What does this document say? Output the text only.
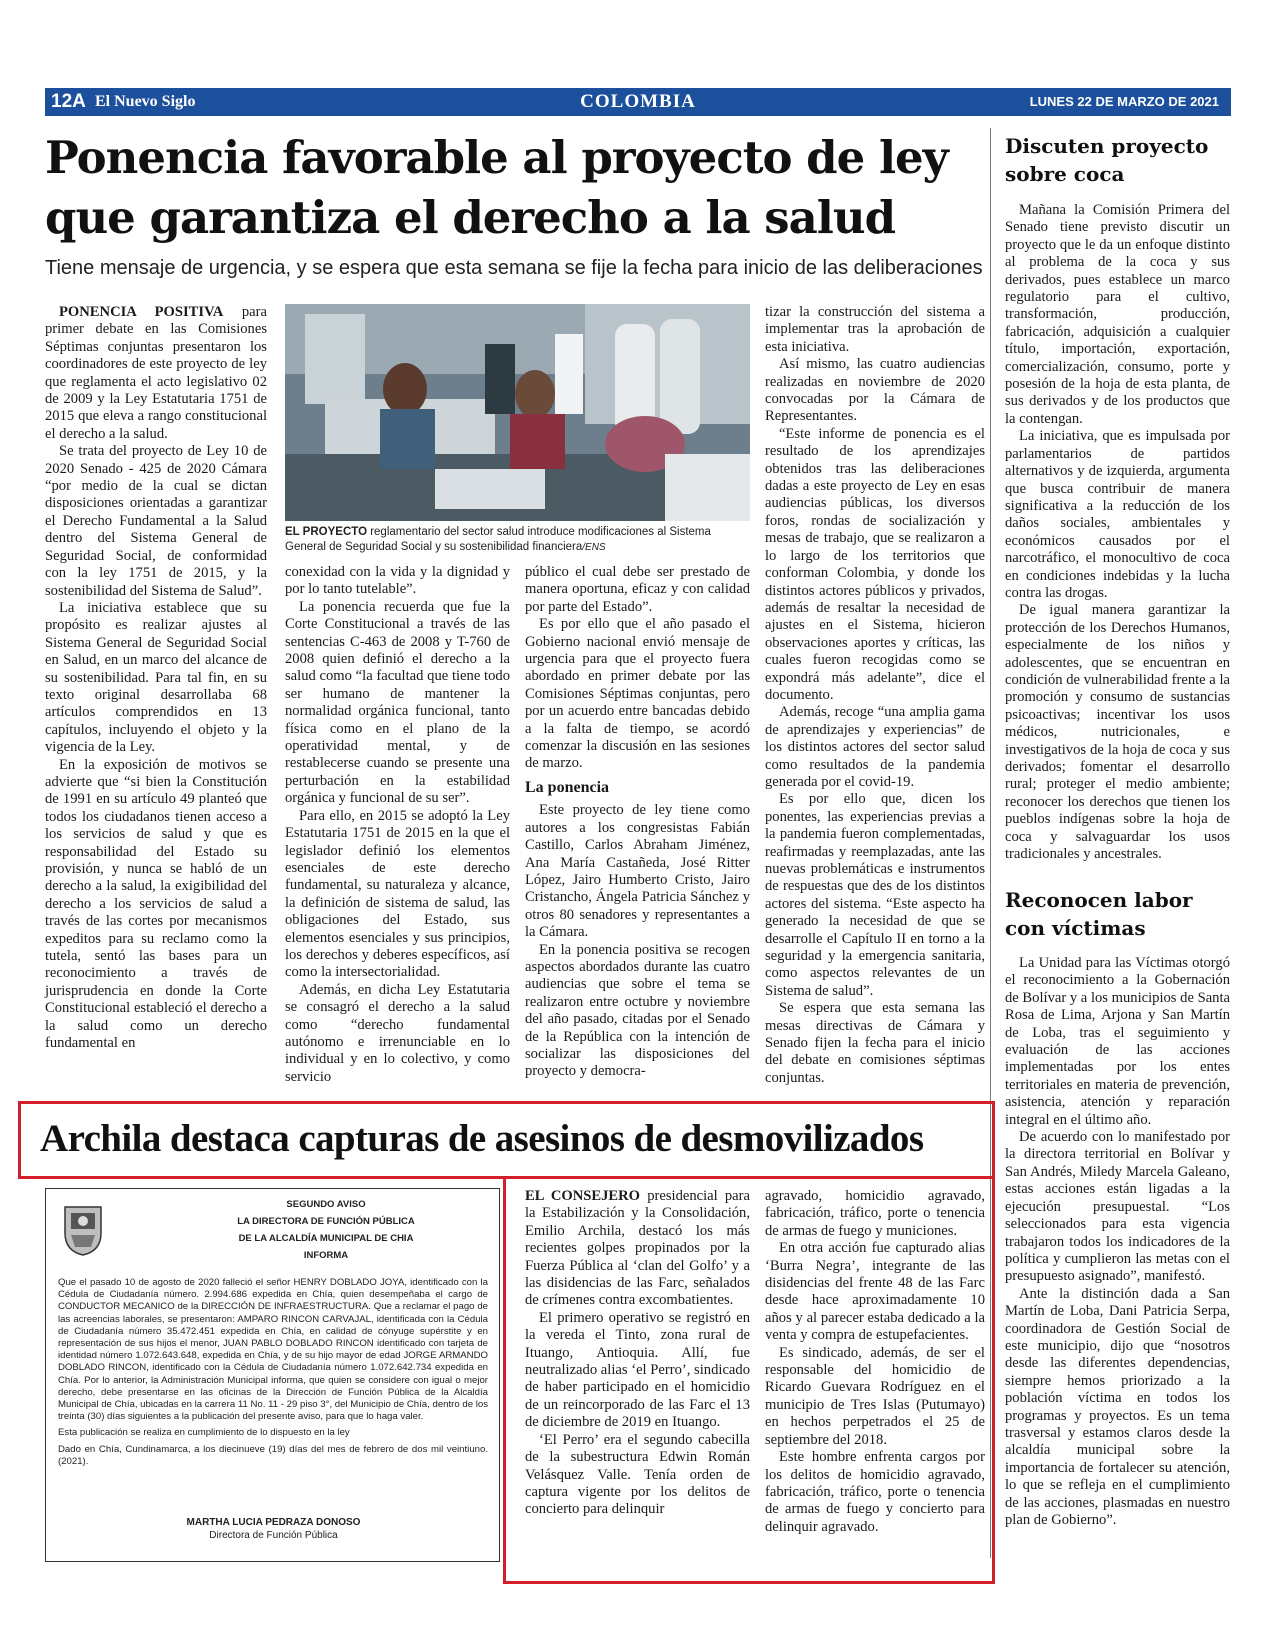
12A El Nuevo Siglo	COLOMBIA	LUNES 22 DE MARZO DE 2021
Ponencia favorable al proyecto de ley
que garantiza el derecho a la salud
Tiene mensaje de urgencia, y se espera que esta semana se fije la fecha para inicio de las deliberaciones

PONENCIA POSITIVA para primer debate en las Comisiones Séptimas conjuntas presentaron los coordinadores de este proyecto de ley que reglamenta el acto legislativo 02 de 2009 y la Ley Estatutaria 1751 de 2015 que eleva a rango constitucional el derecho a la salud.

Se trata del proyecto de Ley 10 de 2020 Senado - 425 de 2020 Cámara “por medio de la cual se dictan disposiciones orientadas a garantizar el Derecho Fundamental a la Salud dentro del Sistema General de Seguridad Social, de conformidad con la ley 1751 de 2015, y la sostenibilidad del Sistema de Salud”.

La iniciativa establece que su propósito es realizar ajustes al Sistema General de Seguridad Social en Salud, en un marco del alcance de su sostenibilidad. Para tal fin, en su texto original desarrollaba 68 artículos comprendidos en 13 capítulos, incluyendo el objeto y la vigencia de la Ley.

En la exposición de motivos se advierte que “si bien la Constitución de 1991 en su artículo 49 planteó que todos los ciudadanos tienen acceso a los servicios de salud y que es responsabilidad del Estado su provisión, y nunca se habló de un derecho a la salud, la exigibilidad del derecho a los servicios de salud a través de las cortes por mecanismos expeditos para su reclamo como la tutela, sentó las bases para un reconocimiento a través de jurisprudencia en donde la Corte Constitucional estableció el derecho a la salud como un derecho fundamental en

EL PROYECTO reglamentario del sector salud introduce modificaciones al Sistema General de Seguridad Social y su sostenibilidad financiera/ENS

conexidad con la vida y la dignidad y por lo tanto tutelable”.

La ponencia recuerda que fue la Corte Constitucional a través de las sentencias C-463 de 2008 y T-760 de 2008 quien definió el derecho a la salud como “la facultad que tiene todo ser humano de mantener la normalidad orgánica funcional, tanto física como en el plano de la operatividad mental, y de restablecerse cuando se presente una perturbación en la estabilidad orgánica y funcional de su ser”.

Para ello, en 2015 se adoptó la Ley Estatutaria 1751 de 2015 en la que el legislador definió los elementos esenciales de este derecho fundamental, su naturaleza y alcance, la definición de sistema de salud, las obligaciones del Estado, sus elementos esenciales y sus principios, los derechos y deberes específicos, así como la intersectorialidad.

Además, en dicha Ley Estatutaria se consagró el derecho a la salud como “derecho fundamental autónomo e irrenunciable en lo individual y en lo colectivo, y como servicio

público el cual debe ser prestado de manera oportuna, eficaz y con calidad por parte del Estado”.

Es por ello que el año pasado el Gobierno nacional envió mensaje de urgencia para que el proyecto fuera abordado en primer debate por las Comisiones Séptimas conjuntas, pero por un acuerdo entre bancadas debido a la falta de tiempo, se acordó comenzar la discusión en las sesiones de marzo.

La ponencia

Este proyecto de ley tiene como autores a los congresistas Fabián Castillo, Carlos Abraham Jiménez, Ana María Castañeda, José Ritter López, Jairo Humberto Cristo, Jairo Cristancho, Ángela Patricia Sánchez y otros 80 senadores y representantes a la Cámara.

En la ponencia positiva se recogen aspectos abordados durante las cuatro audiencias que sobre el tema se realizaron entre octubre y noviembre del año pasado, citadas por el Senado de la República con la intención de socializar las disposiciones del proyecto y democra-

tizar la construcción del sistema a implementar tras la aprobación de esta iniciativa.

Así mismo, las cuatro audiencias realizadas en noviembre de 2020 convocadas por la Cámara de Representantes.

“Este informe de ponencia es el resultado de los aprendizajes obtenidos tras las deliberaciones dadas a este proyecto de Ley en esas audiencias públicas, los diversos foros, rondas de socialización y mesas de trabajo, que se realizaron a lo largo de los territorios que conforman Colombia, y donde los distintos actores públicos y privados, además de resaltar la necesidad de ajustes en el Sistema, hicieron observaciones aportes y críticas, las cuales fueron recogidas como se expondrá más adelante”, dice el documento.

Además, recoge “una amplia gama de aprendizajes y experiencias” de los distintos actores del sector salud como resultados de la pandemia generada por el covid-19.

Es por ello que, dicen los ponentes, las experiencias previas a la pandemia fueron complementadas, reafirmadas y reemplazadas, ante las nuevas problemáticas e instrumentos de respuestas que des de los distintos actores del sistema. “Este aspecto ha generado la necesidad de que se desarrolle el Capítulo II en torno a la seguridad y la emergencia sanitaria, como aspectos relevantes de un Sistema de salud”.

Se espera que esta semana las mesas directivas de Cámara y Senado fijen la fecha para el inicio del debate en comisiones séptimas conjuntas.

Discuten proyecto
sobre coca

Mañana la Comisión Primera del Senado tiene previsto discutir un proyecto que le da un enfoque distinto al problema de la coca y sus derivados, pues establece un marco regulatorio para el cultivo, transformación, producción, fabricación, adquisición a cualquier título, importación, exportación, comercialización, consumo, porte y posesión de la hoja de esta planta, de sus derivados y de los productos que la contengan.

La iniciativa, que es impulsada por parlamentarios de partidos alternativos y de izquierda, argumenta que busca contribuir de manera significativa a la reducción de los daños sociales, ambientales y económicos causados por el narcotráfico, el monocultivo de coca en condiciones indebidas y la lucha contra las drogas.

De igual manera garantizar la protección de los Derechos Humanos, especialmente de los niños y adolescentes, que se encuentran en condición de vulnerabilidad frente a la promoción y consumo de sustancias psicoactivas; incentivar los usos médicos, nutricionales, e investigativos de la hoja de coca y sus derivados; fomentar el desarrollo rural; proteger el medio ambiente; reconocer los derechos que tienen los pueblos indígenas sobre la hoja de coca y salvaguardar los usos tradicionales y ancestrales.

Reconocen labor
con víctimas

La Unidad para las Víctimas otorgó el reconocimiento a la Gobernación de Bolívar y a los municipios de Santa Rosa de Lima, Arjona y San Martín de Loba, tras el seguimiento y evaluación de las acciones implementadas por los entes territoriales en materia de prevención, asistencia, atención y reparación integral en el último año.

De acuerdo con lo manifestado por la directora territorial en Bolívar y San Andrés, Miledy Marcela Galeano, estas acciones están ligadas a la ejecución presupuestal. “Los seleccionados para esta vigencia trabajaron todos los indicadores de la política y cumplieron las metas con el presupuesto asignado”, manifestó.

Ante la distinción dada a San Martín de Loba, Dani Patricia Serpa, coordinadora de Gestión Social de este municipio, dijo que “nosotros desde las diferentes dependencias, siempre hemos priorizado a la población víctima en todos los programas y proyectos. Es un tema trasversal y estamos claros desde la alcaldía municipal sobre la importancia de fortalecer su atención, lo que se refleja en el cumplimiento de las acciones, plasmadas en nuestro plan de Gobierno”.

Archila destaca capturas de asesinos de desmovilizados

EL CONSEJERO presidencial para la Estabilización y la Consolidación, Emilio Archila, destacó los más recientes golpes propinados por la Fuerza Pública al ‘clan del Golfo’ y a las disidencias de las Farc, señalados de crímenes contra excombatientes.

El primero operativo se registró en la vereda el Tinto, zona rural de Ituango, Antioquia. Allí, fue neutralizado alias ‘el Perro’, sindicado de haber participado en el homicidio de un reincorporado de las Farc el 13 de diciembre de 2019 en Ituango.

‘El Perro’ era el segundo cabecilla de la subestructura Edwin Román Velásquez Valle. Tenía orden de captura vigente por los delitos de concierto para delinquir

agravado, homicidio agravado, fabricación, tráfico, porte o tenencia de armas de fuego y municiones.

En otra acción fue capturado alias ‘Burra Negra’, integrante de las disidencias del frente 48 de las Farc desde hace aproximadamente 10 años y al parecer estaba dedicado a la venta y compra de estupefacientes.

Es sindicado, además, de ser el responsable del homicidio de Ricardo Guevara Rodríguez en el municipio de Tres Islas (Putumayo) en hechos perpetrados el 25 de septiembre del 2018.

Este hombre enfrenta cargos por los delitos de homicidio agravado, fabricación, tráfico, porte o tenencia de armas de fuego y concierto para delinquir agravado.

SEGUNDO AVISO
LA DIRECTORA DE FUNCIÓN PÚBLICA
DE LA ALCALDÍA MUNICIPAL DE CHIA
INFORMA

Que el pasado 10 de agosto de 2020 falleció el señor HENRY DOBLADO JOYA, identificado con la Cédula de Ciudadanía número. 2.994.686 expedida en Chía, quien desempeñaba el cargo de CONDUCTOR MECANICO de la DIRECCIÓN DE INFRAESTRUCTURA. Que a reclamar el pago de las acreencias laborales, se presentaron: AMPARO RINCON CARVAJAL, identificada con la Cédula de Ciudadanía número 35.472.451 expedida en Chía, en calidad de cónyuge supérstite y en representación de sus hijos el menor, JUAN PABLO DOBLADO RINCON identificado con tarjeta de identidad número 1.072.643.648, expedida en Chía, y de su hijo mayor de edad JORGE ARMANDO DOBLADO RINCON, identificado con la Cédula de Ciudadanía número 1.072.642.734 expedida en Chía. Por lo anterior, la Administración Municipal informa, que quien se considere con igual o mejor derecho, debe presentarse en las oficinas de la Dirección de Función Pública de la Alcaldía Municipal de Chía, ubicadas en la carrera 11 No. 11 - 29 piso 3°, del Municipio de Chía, dentro de los treinta (30) días siguientes a la publicación del presente aviso, para que lo haga valer.

Esta publicación se realiza en cumplimiento de lo dispuesto en la ley

Dado en Chía, Cundinamarca, a los diecinueve (19) días del mes de febrero de dos mil veintiuno. (2021).

MARTHA LUCIA PEDRAZA DONOSO
Directora de Función Pública
